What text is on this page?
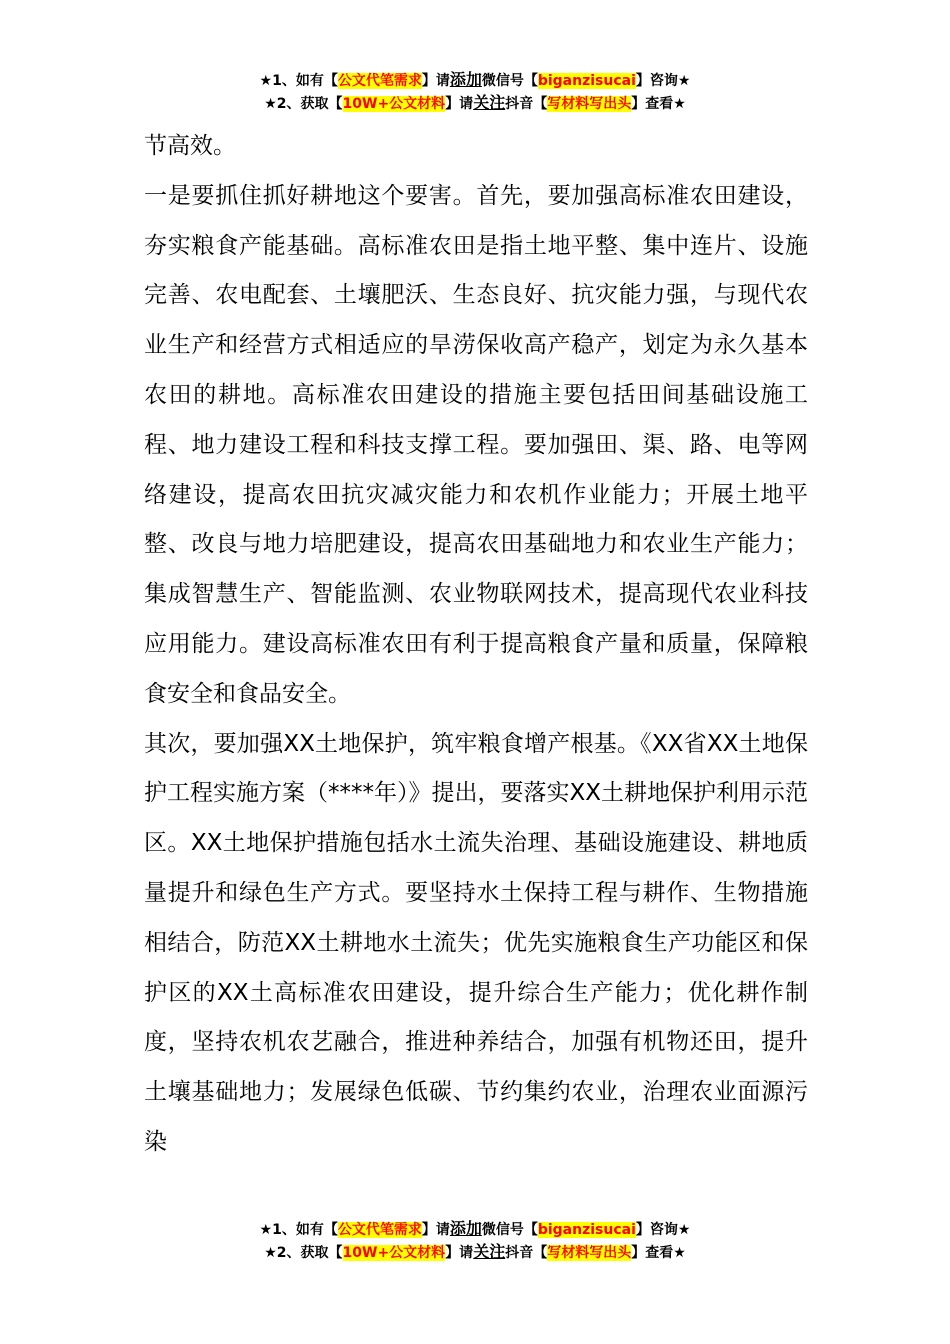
★1、如有【公文代笔需求】请添加微信号【biganzisucai】咨询★
★2、获取【10W+公文材料】请关注抖音【写材料写出头】查看★

节高效。

一是要抓住抓好耕地这个要害。首先，要加强高标准农田建设，夯实粮食产能基础。高标准农田是指土地平整、集中连片、设施完善、农电配套、土壤肥沃、生态良好、抗灾能力强，与现代农业生产和经营方式相适应的旱涝保收高产稳产，划定为永久基本农田的耕地。高标准农田建设的措施主要包括田间基础设施工程、地力建设工程和科技支撑工程。要加强田、渠、路、电等网络建设，提高农田抗灾减灾能力和农机作业能力；开展土地平整、改良与地力培肥建设，提高农田基础地力和农业生产能力；集成智慧生产、智能监测、农业物联网技术，提高现代农业科技应用能力。建设高标准农田有利于提高粮食产量和质量，保障粮食安全和食品安全。

其次，要加强XX土地保护，筑牢粮食增产根基。《XX省XX土地保护工程实施方案（****年）》提出，要落实XX土耕地保护利用示范区。XX土地保护措施包括水土流失治理、基础设施建设、耕地质量提升和绿色生产方式。要坚持水土保持工程与耕作、生物措施相结合，防范XX土耕地水土流失；优先实施粮食生产功能区和保护区的XX土高标准农田建设，提升综合生产能力；优化耕作制度，坚持农机农艺融合，推进种养结合，加强有机物还田，提升土壤基础地力；发展绿色低碳、节约集约农业，治理农业面源污染

★1、如有【公文代笔需求】请添加微信号【biganzisucai】咨询★
★2、获取【10W+公文材料】请关注抖音【写材料写出头】查看★
